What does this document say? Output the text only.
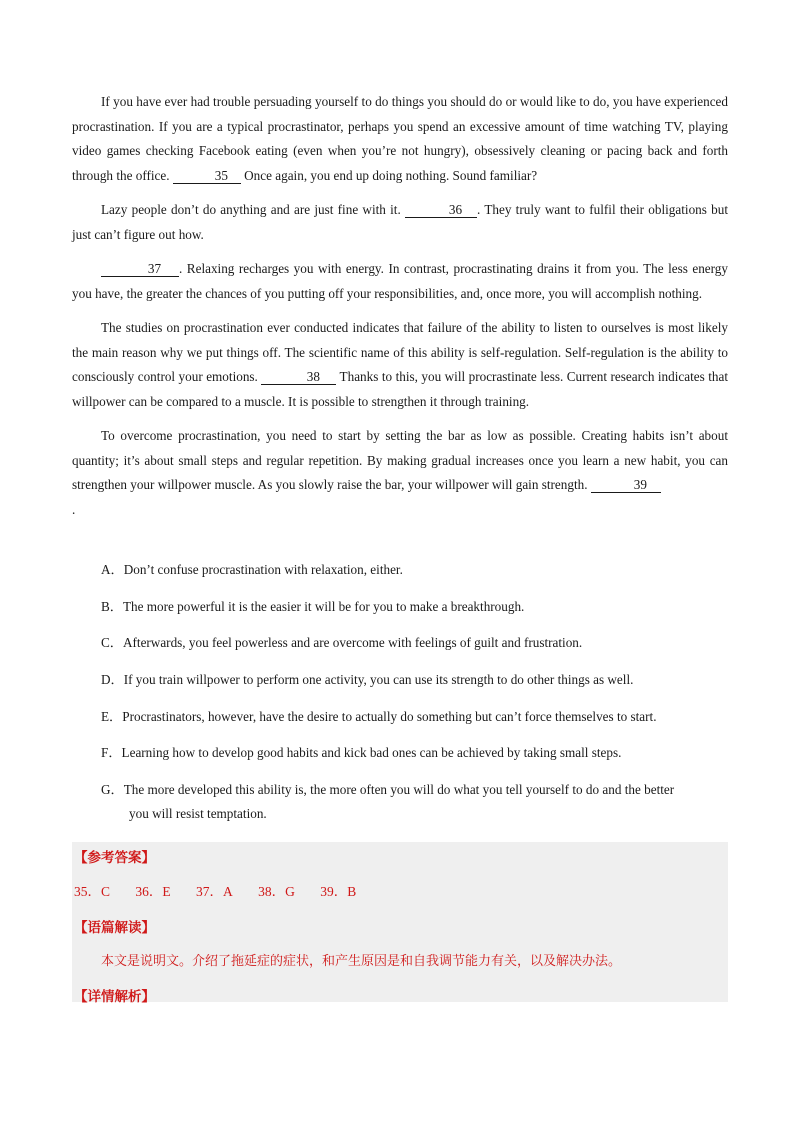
If you have ever had trouble persuading yourself to do things you should do or would like to do, you have experienced procrastination. If you are a typical procrastinator, perhaps you spend an excessive amount of time watching TV, playing video games checking Facebook eating (even when you’re not hungry), obsessively cleaning or pacing back and forth through the office.	35 Once again, you end up doing nothing. Sound familiar?

Lazy people don’t do anything and are just fine with it.	36 . They truly want to fulfil their obligations but just can’t figure out how.

37 . Relaxing recharges you with energy. In contrast, procrastinating drains it from you. The less energy you have, the greater the chances of you putting off your responsibilities, and, once more, you will accomplish nothing.

The studies on procrastination ever conducted indicates that failure of the ability to listen to ourselves is most likely the main reason why we put things off. The scientific name of this ability is self-regulation. Self-regulation is the ability to consciously control your emotions.	38 Thanks to this, you will procrastinate less. Current research indicates that willpower can be compared to a muscle. It is possible to strengthen it through training.

To overcome procrastination, you need to start by setting the bar as low as possible. Creating habits isn’t about quantity; it’s about small steps and regular repetition. By making gradual increases once you learn a new habit, you can strengthen your willpower muscle. As you slowly raise the bar, your willpower will gain strength.	39
.

A．Don’t confuse procrastination with relaxation, either.
B．The more powerful it is the easier it will be for you to make a breakthrough.
C．Afterwards, you feel powerless and are overcome with feelings of guilt and frustration.
D．If you train willpower to perform one activity, you can use its strength to do other things as well.
E．Procrastinators, however, have the desire to actually do something but can’t force themselves to start.
F．Learning how to develop good habits and kick bad ones can be achieved by taking small steps.
G．The more developed this ability is, the more often you will do what you tell yourself to do and the better
you will resist temptation.
【参考答案】
35．C 36．E 37．A 38．G 39．B
【语篇解读】
本文是说明文。介绍了拖延症的症状，和产生原因是和自我调节能力有关，以及解决办法。
【详情解析】
